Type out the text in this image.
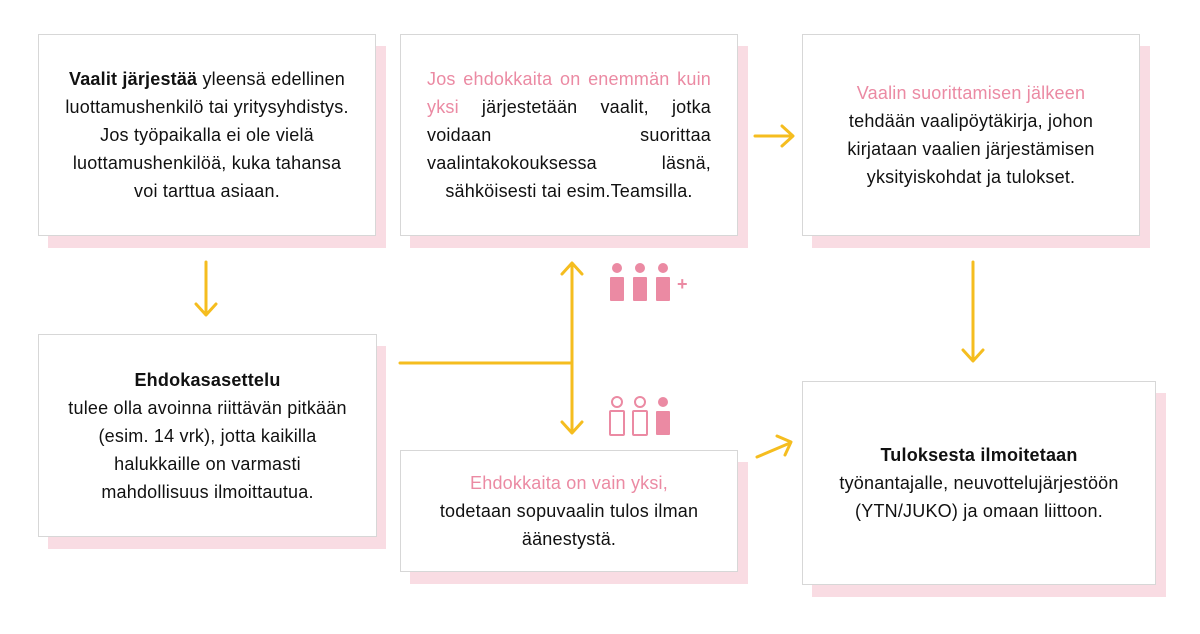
Vaalit järjestää yleensä edellinen luottamushenkilö tai yritysyhdistys. Jos työpaikalla ei ole vielä luottamushenkilöä, kuka tahansa voi tarttua asiaan.
Jos ehdokkaita on enemmän kuin yksi järjestetään vaalit, jotka voidaan suorittaa vaalintakokouksessa läsnä, sähköisesti tai esim.Teamsilla.
Vaalin suorittamisen jälkeen
tehdään vaalipöytäkirja, johon kirjataan vaalien järjestämisen yksityiskohdat ja tulokset.
Ehdokasasettelu
tulee olla avoinna riittävän pitkään (esim. 14 vrk), jotta kaikilla halukkaille on varmasti mahdollisuus ilmoittautua.	Ehdokkaita on vain yksi,
todetaan sopuvaalin tulos ilman äänestystä.
Tuloksesta ilmoitetaan
työnantajalle, neuvottelujärjestöön (YTN/JUKO) ja omaan liittoon.
+
